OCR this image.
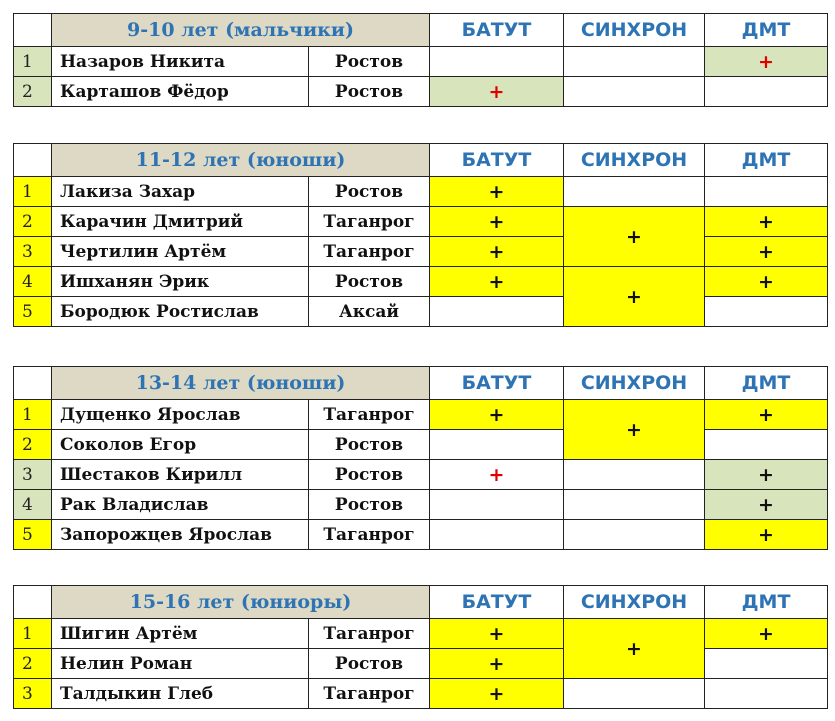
	9-10 лет (мальчики)		БАТУТ	СИНХРОН	ДМТ
1	Назаров Никита	Ростов			+
2	Карташов Фёдор	Ростов	+		
	11-12 лет (юноши)		БАТУТ	СИНХРОН	ДМТ
1	Лакиза Захар	Ростов	+		
2	Карачин Дмитрий	Таганрог	+	+	+
3	Чертилин Артём	Таганрог	+		+
4	Ишханян Эрик	Ростов	+	+	+
5	Бородюк Ростислав	Аксай			
	13-14 лет (юноши)		БАТУТ	СИНХРОН	ДМТ
1	Дущенко Ярослав	Таганрог	+	+	+
2	Соколов Егор	Ростов			
3	Шестаков Кирилл	Ростов	+		+
4	Рак Владислав	Ростов			+
5	Запорожцев Ярослав	Таганрог			+
	15-16 лет (юниоры)		БАТУТ	СИНХРОН	ДМТ
1	Шигин Артём	Таганрог	+	+	+
2	Нелин Роман	Ростов	+		
3	Талдыкин Глеб	Таганрог	+		
